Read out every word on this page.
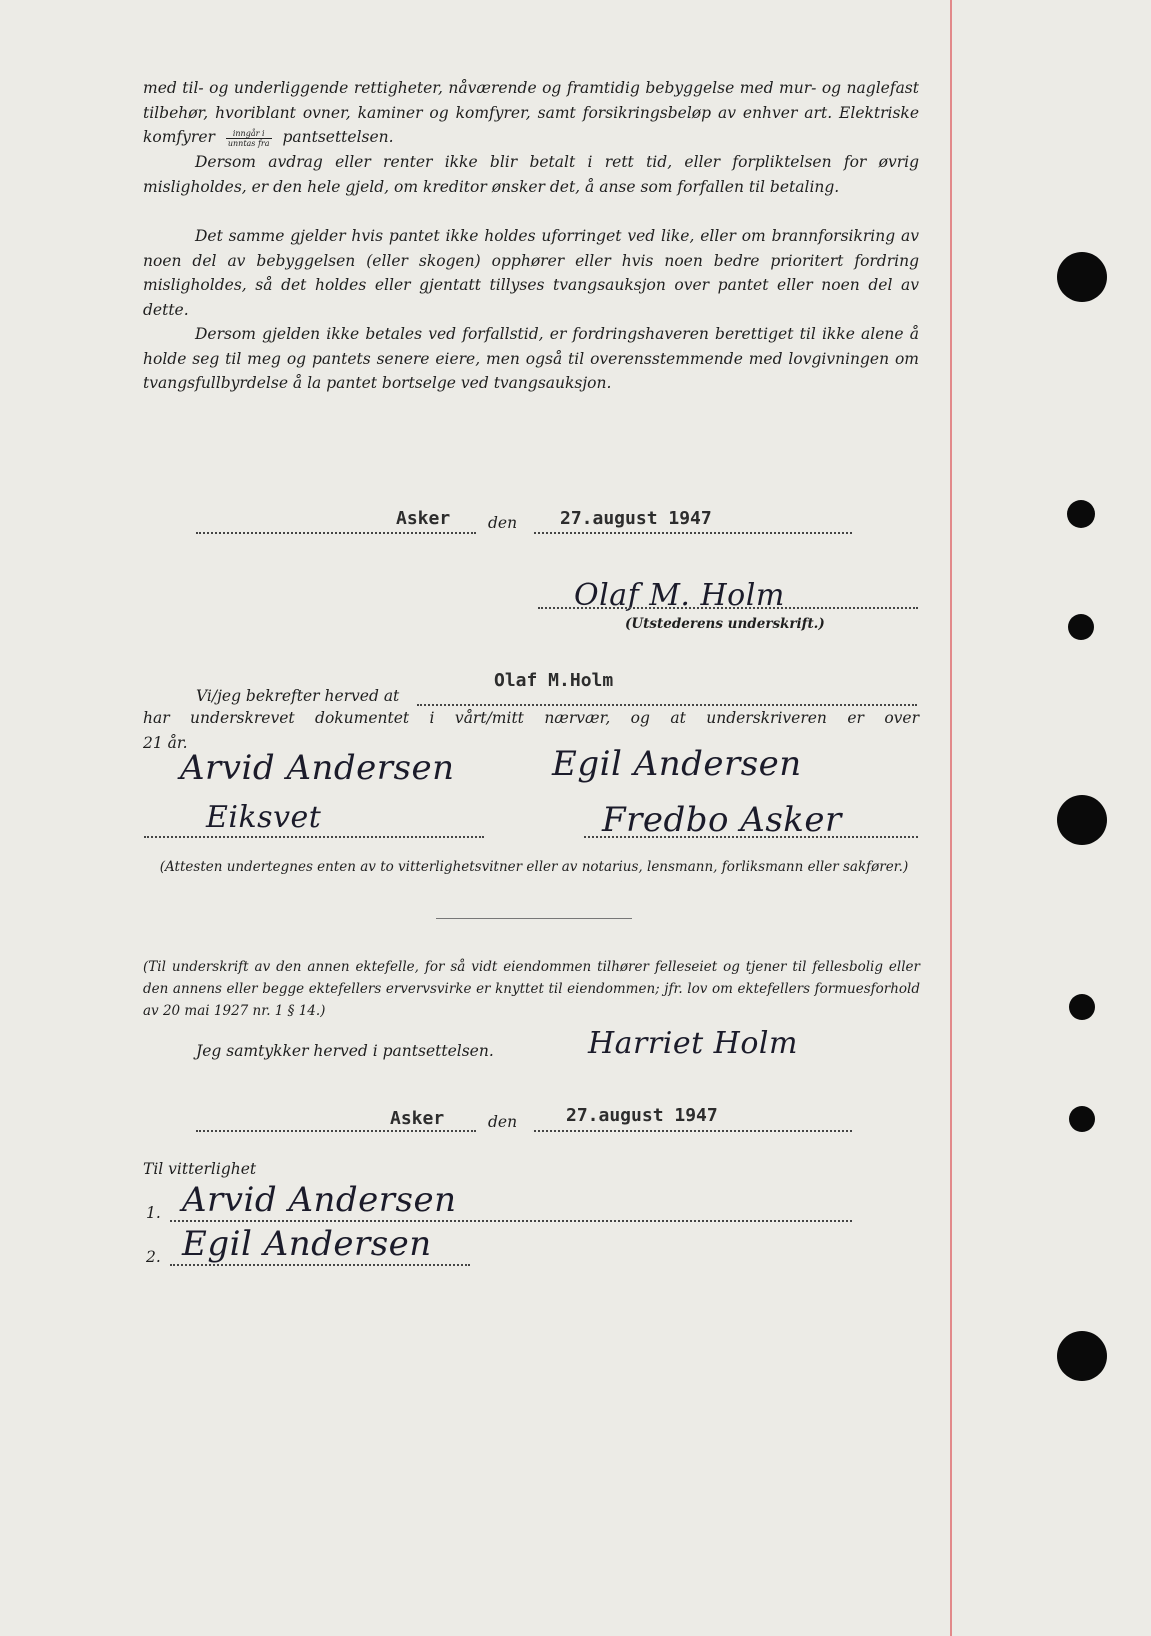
med til- og underliggende rettigheter, nåværende og framtidig bebyggelse med mur- og naglefast tilbehør, hvoriblant ovner, kaminer og komfyrer, samt forsikringsbeløp av enhver art. Elektriske komfyrer $\frac{\text{inngår i}}{\text{unntas fra}}$ pantsettelsen.

Dersom avdrag eller renter ikke blir betalt i rett tid, eller forpliktelsen for øvrig misligholdes, er den hele gjeld, om kreditor ønsker det, å anse som forfallen til betaling.

Det samme gjelder hvis pantet ikke holdes uforringet ved like, eller om brannforsikring av noen del av bebyggelsen (eller skogen) opphører eller hvis noen bedre prioritert fordring misligholdes, så det holdes eller gjentatt tillyses tvangsauksjon over pantet eller noen del av dette.

Dersom gjelden ikke betales ved forfallstid, er fordringshaveren berettiget til ikke alene å holde seg til meg og pantets senere eiere, men også til overensstemmende med lovgivningen om tvangsfullbyrdelse å la pantet bortselge ved tvangsauksjon.

Asker den 27.august 1947
Olaf M. Holm
(Utstederens underskrift.)
Vi/jeg bekrefter herved at
Olaf M.Holm
har underskrevet dokumentet i vårt/mitt nærvær, og at underskriveren er over
21 år.
Arvid Andersen	Egil Andersen
Eiksvet	Fredbo Asker
(Attesten undertegnes enten av to vitterlighetsvitner eller av notarius, lensmann, forliksmann eller sakfører.)
(Til underskrift av den annen ektefelle, for så vidt eiendommen tilhører felleseiet og tjener til fellesbolig eller den annens eller begge ektefellers ervervsvirke er knyttet til eiendommen; jfr. lov om ektefellers formuesforhold av 20 mai 1927 nr. 1 § 14.)
Jeg samtykker herved i pantsettelsen.	Harriet Holm
Asker	den	27.august 1947
Til vitterlighet
1. Arvid Andersen
2. Egil Andersen
